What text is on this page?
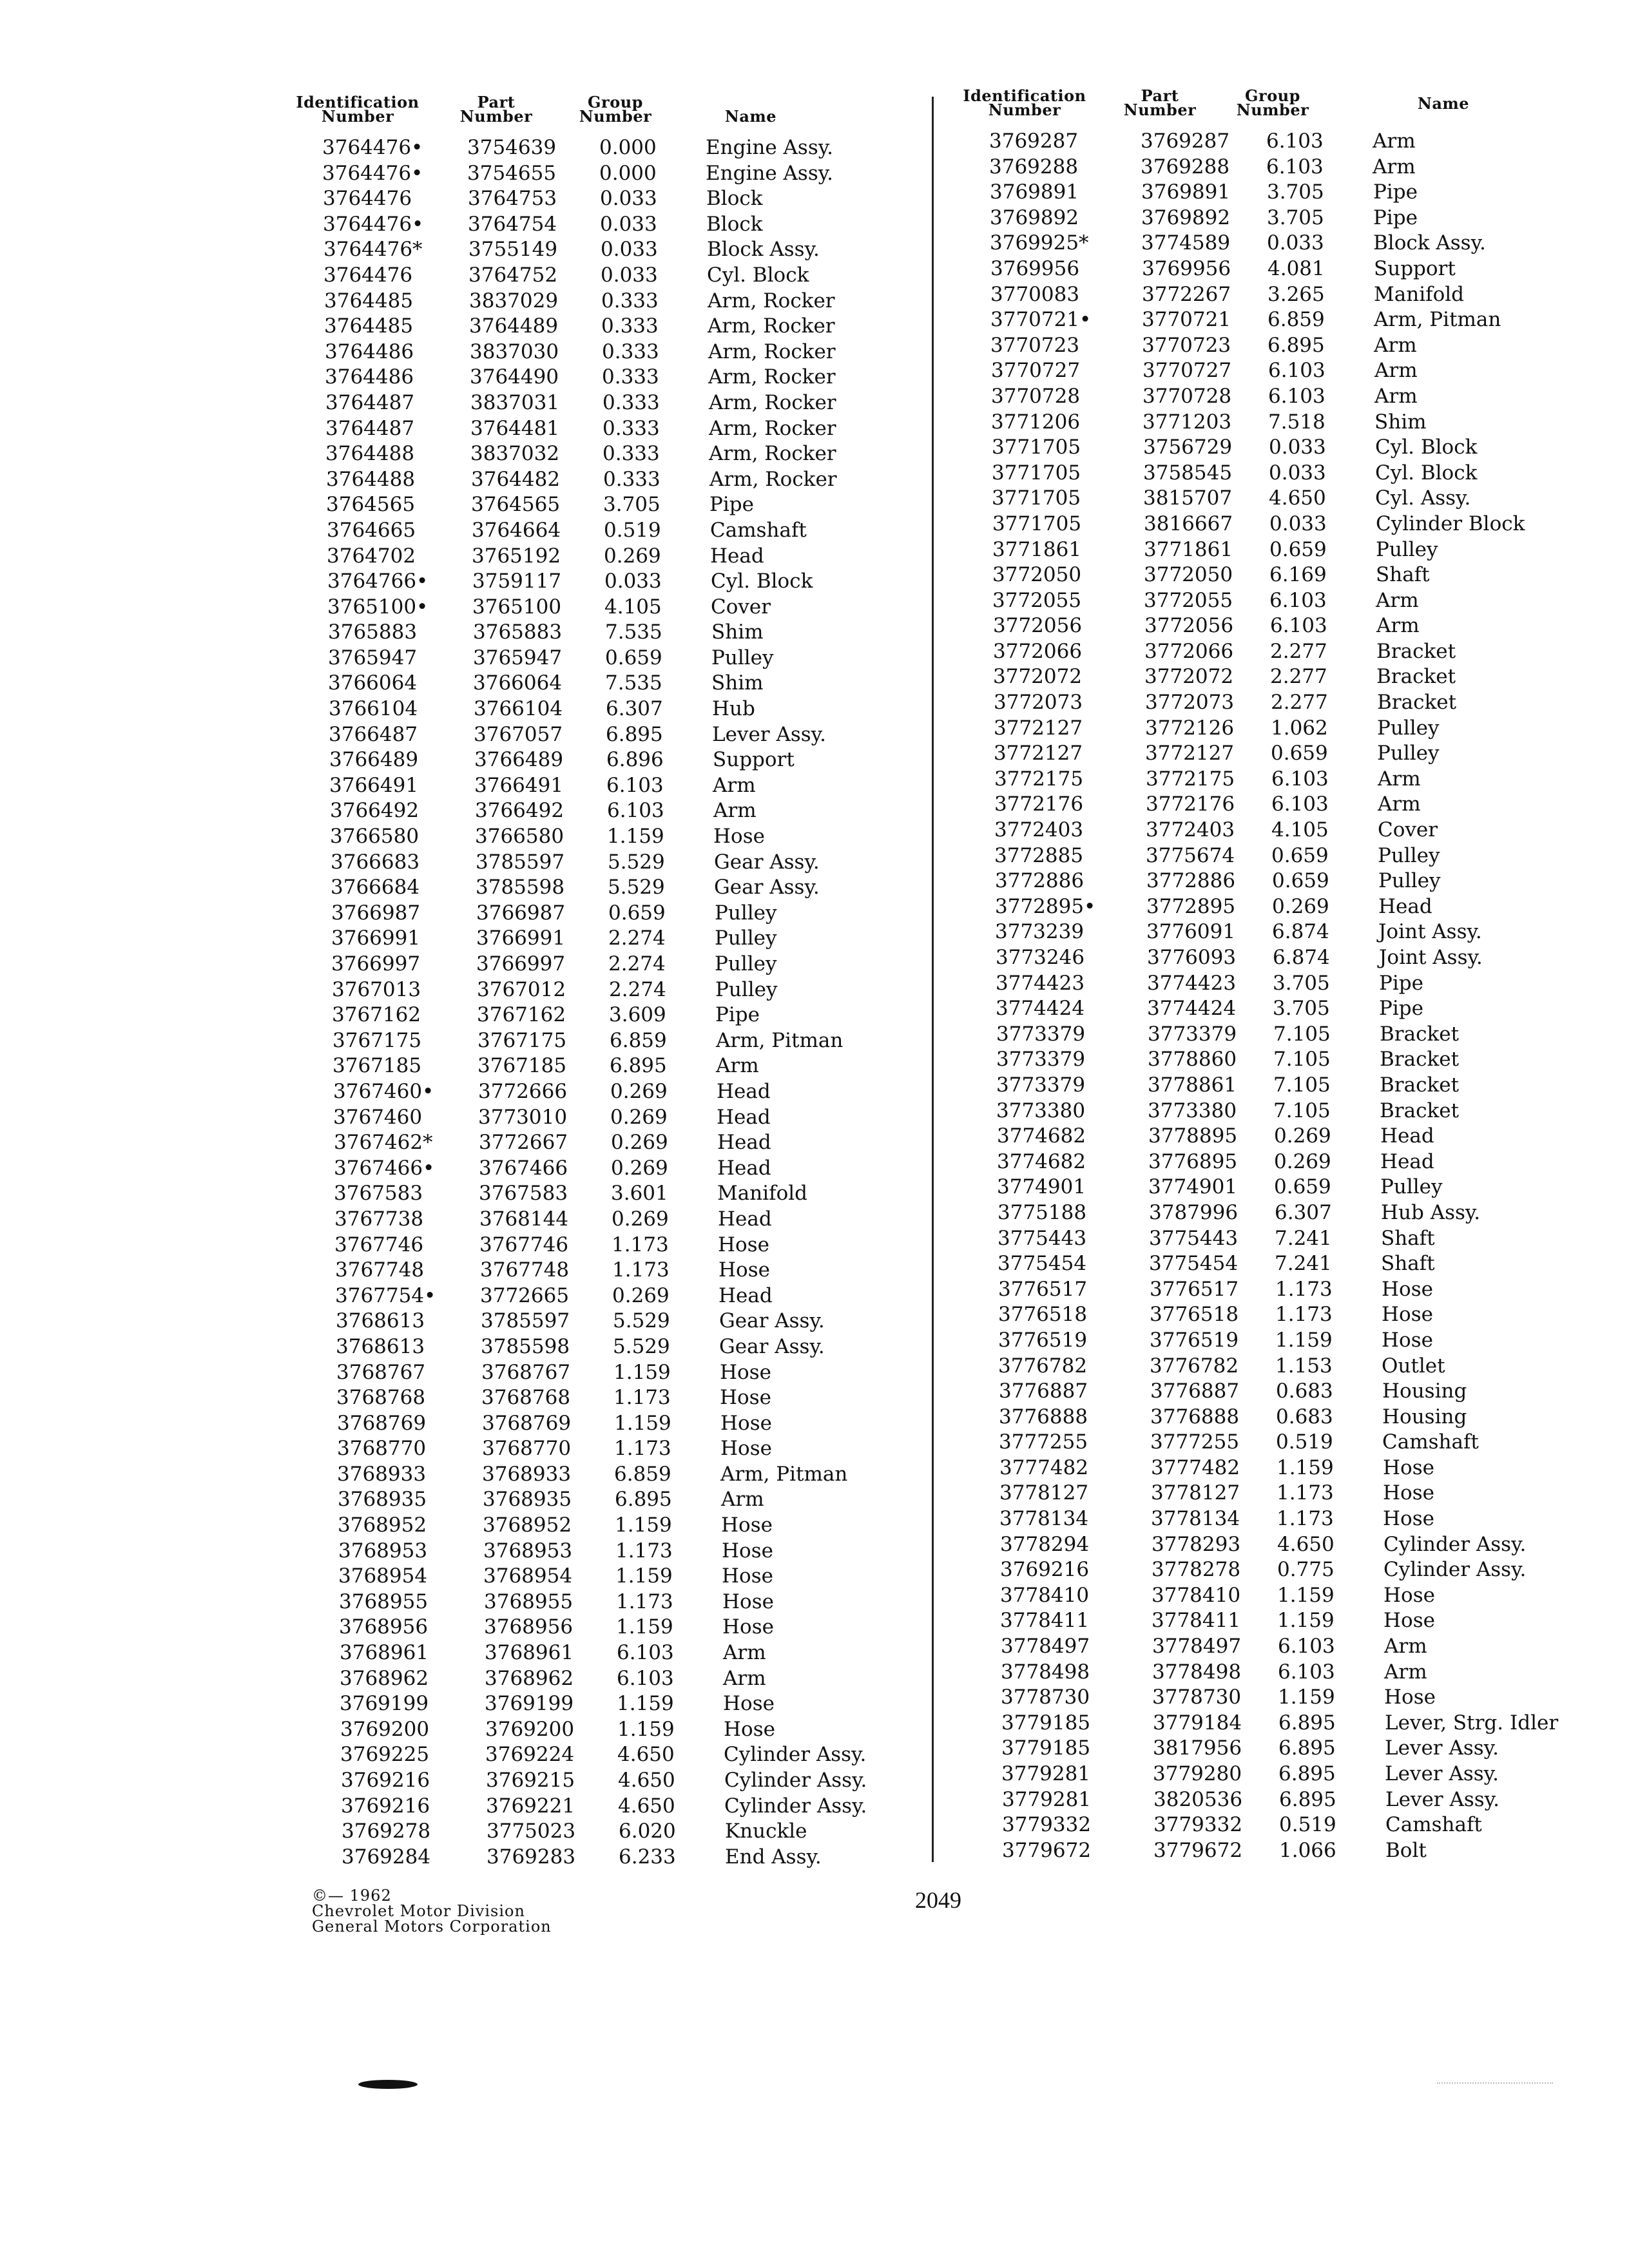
Identification
Number
Part
Number
Group
Number	Name
3764476• 3754639 0.000 Engine Assy.
3764476• 3754655 0.000 Engine Assy.
3764476	3764753 0.033 Block
3764476• 3764754 0.033 Block
3764476* 3755149 0.033 Block Assy.
3764476	3764752 0.033 Cyl. Block
3764485	3837029 0.333 Arm, Rocker
3764485	3764489 0.333 Arm, Rocker
3764486	3837030 0.333 Arm, Rocker
3764486	3764490 0.333 Arm, Rocker
3764487	3837031 0.333 Arm, Rocker
3764487	3764481 0.333 Arm, Rocker
3764488	3837032 0.333 Arm, Rocker
3764488	3764482 0.333 Arm, Rocker
3764565	3764565 3.705 Pipe
3764665	3764664 0.519 Camshaft
3764702	3765192 0.269 Head
3764766• 3759117 0.033 Cyl. Block
3765100• 3765100 4.105 Cover
3765883	3765883 7.535 Shim
3765947	3765947 0.659 Pulley
3766064	3766064 7.535 Shim
3766104	3766104 6.307 Hub
3766487	3767057 6.895 Lever Assy.
3766489	3766489 6.896 Support
3766491	3766491 6.103 Arm
3766492	3766492 6.103 Arm
3766580	3766580 1.159 Hose
3766683	3785597 5.529 Gear Assy.
3766684	3785598 5.529 Gear Assy.
3766987	3766987 0.659 Pulley
3766991	3766991 2.274 Pulley
3766997	3766997 2.274 Pulley
3767013	3767012 2.274 Pulley
3767162	3767162 3.609 Pipe
3767175	3767175 6.859 Arm, Pitman
3767185	3767185 6.895 Arm
3767460• 3772666 0.269 Head
3767460	3773010 0.269 Head
3767462* 3772667 0.269 Head
3767466• 3767466 0.269 Head
3767583	3767583 3.601 Manifold
3767738	3768144 0.269 Head
3767746	3767746 1.173 Hose
3767748	3767748 1.173 Hose
3767754• 3772665 0.269 Head
3768613	3785597 5.529 Gear Assy.
3768613	3785598 5.529 Gear Assy.
3768767	3768767 1.159 Hose
3768768	3768768 1.173 Hose
3768769	3768769 1.159 Hose
3768770	3768770 1.173 Hose
3768933	3768933 6.859 Arm, Pitman
3768935	3768935 6.895 Arm
3768952	3768952 1.159 Hose
3768953	3768953 1.173 Hose
3768954	3768954 1.159 Hose
3768955	3768955 1.173 Hose
3768956	3768956 1.159 Hose
3768961	3768961 6.103 Arm
3768962	3768962 6.103 Arm
3769199	3769199 1.159 Hose
3769200	3769200 1.159 Hose
3769225	3769224 4.650 Cylinder Assy.
3769216	3769215 4.650 Cylinder Assy.
3769216	3769221 4.650 Cylinder Assy.
3769278	3775023 6.020 Knuckle
3769284	3769283 6.233 End Assy.
Identification
Number
Part
Number
Group
Number	Name
3769287	3769287 6.103 Arm
3769288	3769288 6.103 Arm
3769891	3769891 3.705 Pipe
3769892	3769892 3.705 Pipe
3769925*	3774589 0.033 Block Assy.
3769956	3769956 4.081 Support
3770083	3772267 3.265 Manifold
3770721•	3770721 6.859 Arm, Pitman
3770723	3770723 6.895 Arm
3770727	3770727 6.103 Arm
3770728	3770728 6.103 Arm
3771206	3771203 7.518 Shim
3771705	3756729 0.033 Cyl. Block
3771705	3758545 0.033 Cyl. Block
3771705	3815707 4.650 Cyl. Assy.
3771705	3816667 0.033 Cylinder Block
3771861	3771861 0.659 Pulley
3772050	3772050 6.169 Shaft
3772055	3772055 6.103 Arm
3772056	3772056 6.103 Arm
3772066	3772066 2.277 Bracket
3772072	3772072 2.277 Bracket
3772073	3772073 2.277 Bracket
3772127	3772126 1.062 Pulley
3772127	3772127 0.659 Pulley
3772175	3772175 6.103 Arm
3772176	3772176 6.103 Arm
3772403	3772403 4.105 Cover
3772885	3775674 0.659 Pulley
3772886	3772886 0.659 Pulley
3772895•	3772895 0.269 Head
3773239	3776091 6.874 Joint Assy.
3773246	3776093 6.874 Joint Assy.
3774423	3774423 3.705 Pipe
3774424	3774424 3.705 Pipe
3773379	3773379 7.105 Bracket
3773379	3778860 7.105 Bracket
3773379	3778861 7.105 Bracket
3773380	3773380 7.105 Bracket
3774682	3778895 0.269 Head
3774682	3776895 0.269 Head
3774901	3774901 0.659 Pulley
3775188	3787996 6.307 Hub Assy.
3775443	3775443 7.241 Shaft
3775454	3775454 7.241 Shaft
3776517	3776517 1.173 Hose
3776518	3776518 1.173 Hose
3776519	3776519 1.159 Hose
3776782	3776782 1.153 Outlet
3776887	3776887 0.683 Housing
3776888	3776888 0.683 Housing
3777255	3777255 0.519 Camshaft
3777482	3777482 1.159 Hose
3778127	3778127 1.173 Hose
3778134	3778134 1.173 Hose
3778294	3778293 4.650 Cylinder Assy.
3769216	3778278 0.775 Cylinder Assy.
3778410	3778410 1.159 Hose
3778411	3778411 1.159 Hose
3778497	3778497 6.103 Arm
3778498	3778498 6.103 Arm
3778730	3778730 1.159 Hose
3779185	3779184 6.895 Lever, Strg. Idler
3779185	3817956 6.895 Lever Assy.
3779281	3779280 6.895 Lever Assy.
3779281	3820536 6.895 Lever Assy.
3779332	3779332 0.519 Camshaft
3779672	3779672 1.066 Bolt
©— 1962
Chevrolet Motor Division
General Motors Corporation
2049
